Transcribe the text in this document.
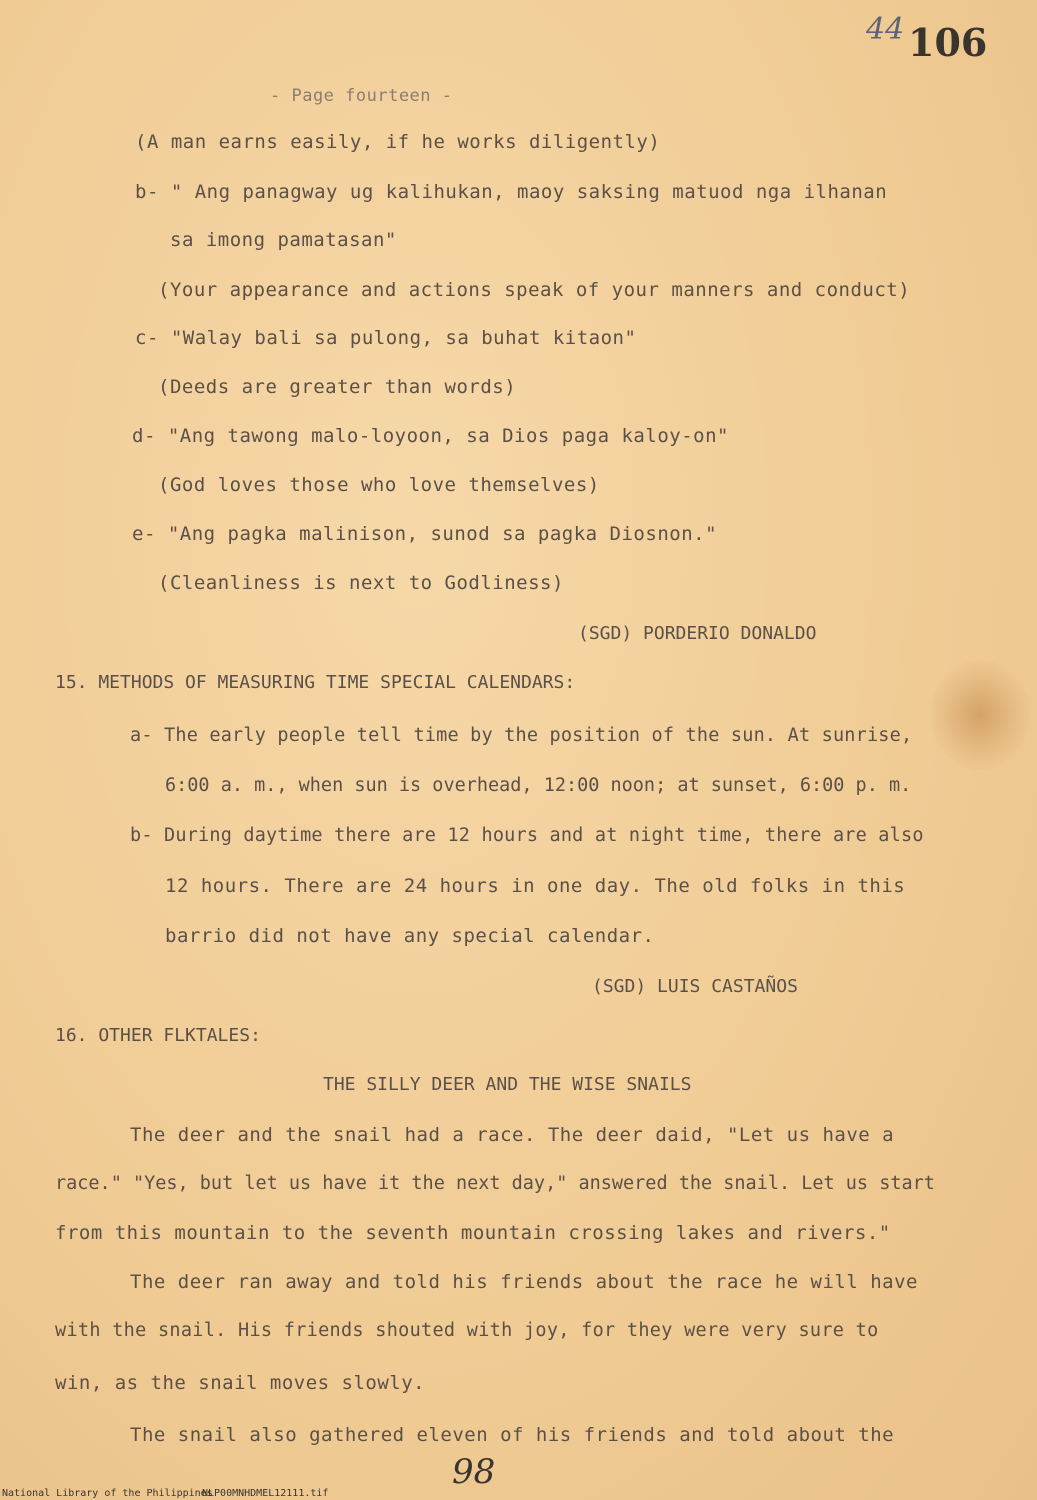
44 106
- Page fourteen -
(A man earns easily, if he works diligently)
b- " Ang panagway ug kalihukan, maoy saksing matuod nga ilhanan
sa imong pamatasan"
(Your appearance and actions speak of your manners and conduct)
c- "Walay bali sa pulong, sa buhat kitaon"
(Deeds are greater than words)
d- "Ang tawong malo-loyoon, sa Dios paga kaloy-on"
(God loves those who love themselves)
e- "Ang pagka malinison, sunod sa pagka Diosnon."
(Cleanliness is next to Godliness)
(SGD) PORDERIO DONALDO
15. METHODS OF MEASURING TIME SPECIAL CALENDARS:
a- The early people tell time by the position of the sun. At sunrise,
6:00 a. m., when sun is overhead, 12:00 noon; at sunset, 6:00 p. m.
b- During daytime there are 12 hours and at night time, there are also
12 hours. There are 24 hours in one day. The old folks in this
barrio did not have any special calendar.
(SGD) LUIS CASTAÑOS
16. OTHER FLKTALES:
THE SILLY DEER AND THE WISE SNAILS
The deer and the snail had a race. The deer daid, "Let us have a
race." "Yes, but let us have it the next day," answered the snail. Let us start
from this mountain to the seventh mountain crossing lakes and rivers."
The deer ran away and told his friends about the race he will have
with the snail. His friends shouted with joy, for they were very sure to
win, as the snail moves slowly.
The snail also gathered eleven of his friends and told about the
98
National Library of the Philippines
NLP00MNHDMEL12111.tif
